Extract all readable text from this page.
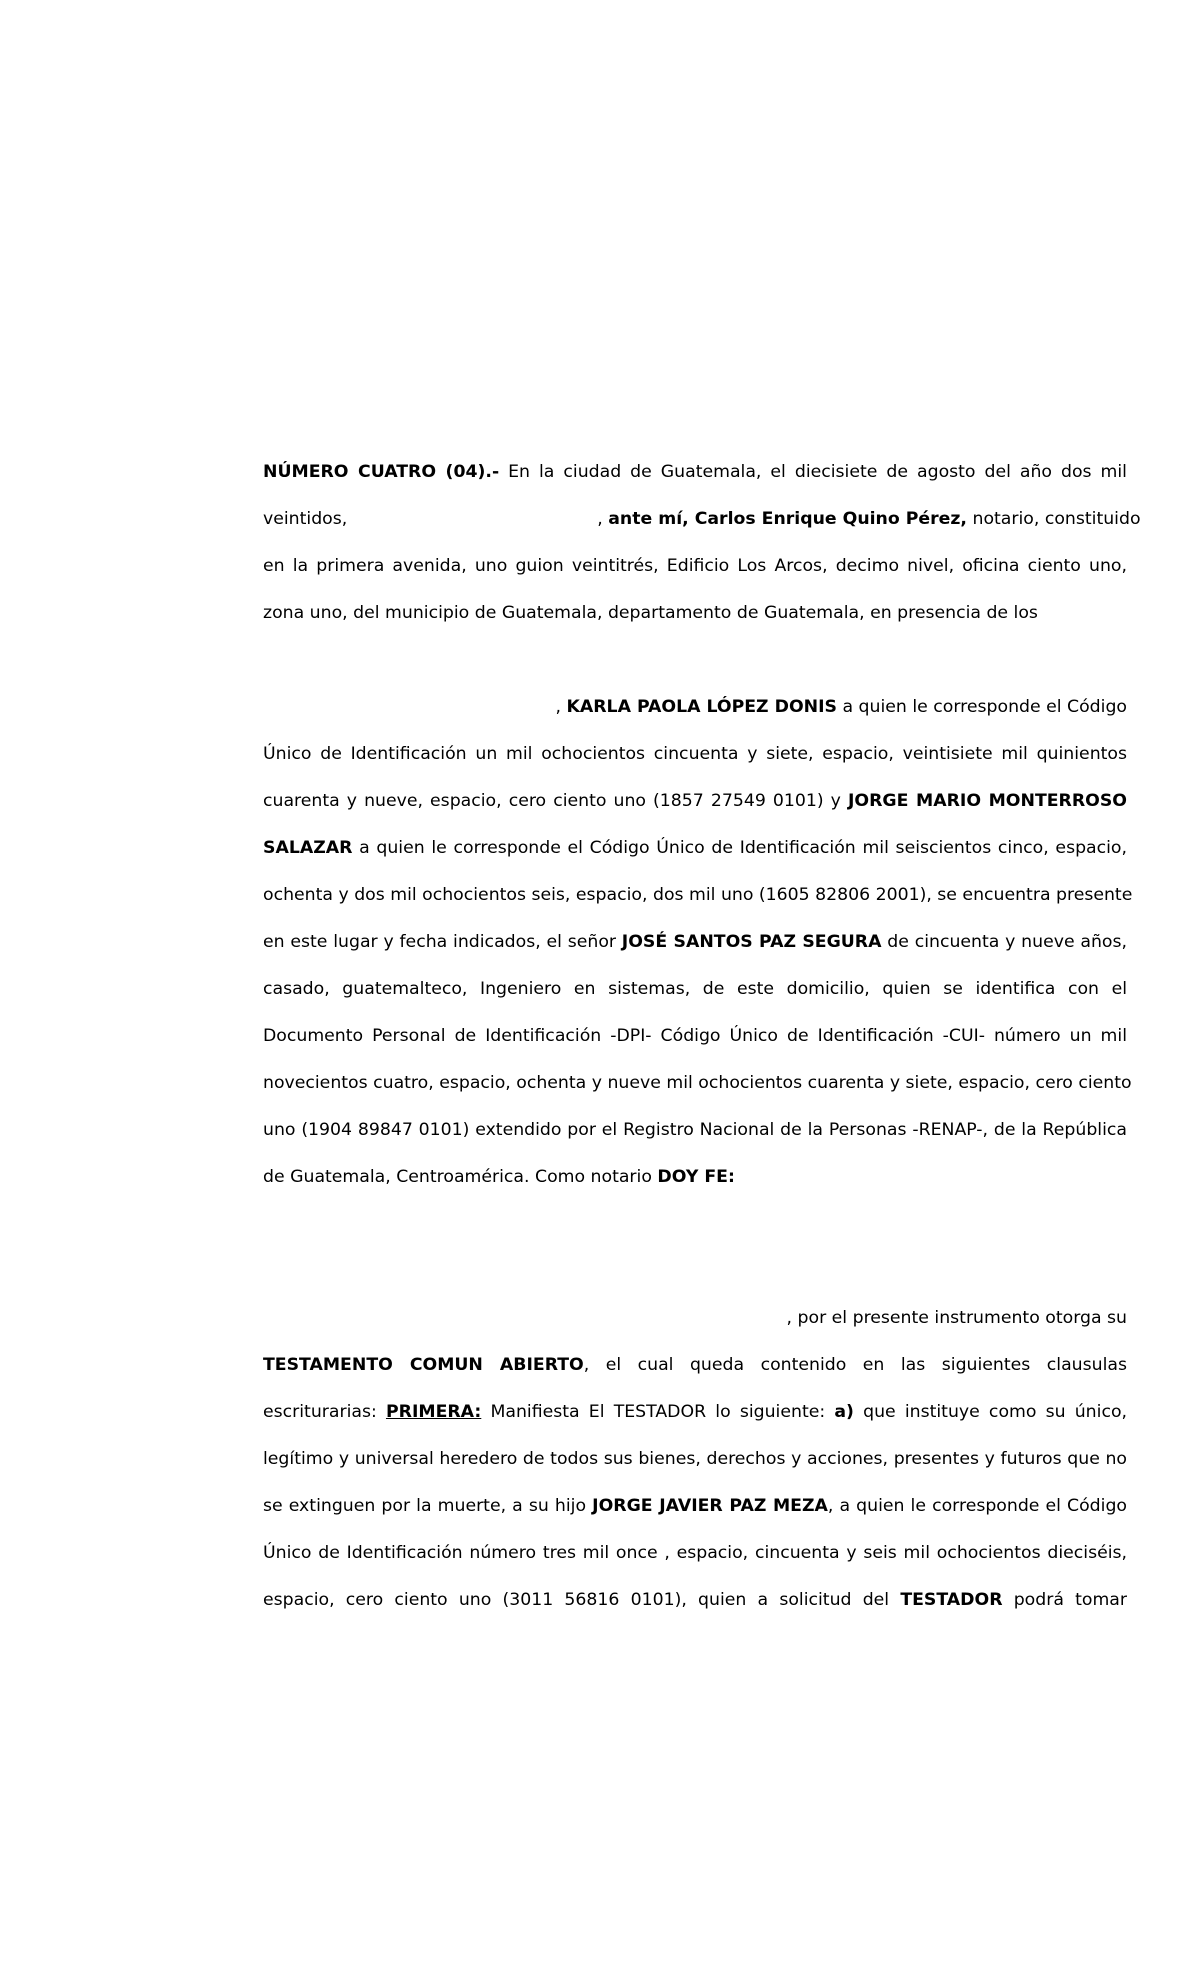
NÚMERO CUATRO (04).- En la ciudad de Guatemala, el diecisiete de agosto del año dos mil
veintidos,	, ante mí, Carlos Enrique Quino Pérez, notario, constituido
en la primera avenida, uno guion veintitrés, Edificio Los Arcos, decimo nivel, oficina ciento uno,
zona uno, del municipio de Guatemala, departamento de Guatemala, en presencia de los
, KARLA PAOLA LÓPEZ DONIS a quien le corresponde el Código
Único de Identificación un mil ochocientos cincuenta y siete, espacio, veintisiete mil quinientos
cuarenta y nueve, espacio, cero ciento uno (1857 27549 0101) y JORGE MARIO MONTERROSO
SALAZAR a quien le corresponde el Código Único de Identificación mil seiscientos cinco, espacio,
ochenta y dos mil ochocientos seis, espacio, dos mil uno (1605 82806 2001), se encuentra presente
en este lugar y fecha indicados, el señor JOSÉ SANTOS PAZ SEGURA de cincuenta y nueve años,
casado, guatemalteco, Ingeniero en sistemas, de este domicilio, quien se identifica con el
Documento Personal de Identificación -DPI- Código Único de Identificación -CUI- número un mil
novecientos cuatro, espacio, ochenta y nueve mil ochocientos cuarenta y siete, espacio, cero ciento
uno (1904 89847 0101) extendido por el Registro Nacional de la Personas -RENAP-, de la República
de Guatemala, Centroamérica. Como notario DOY FE:
, por el presente instrumento otorga su
TESTAMENTO COMUN ABIERTO, el cual queda contenido en las siguientes clausulas
escriturarias: PRIMERA: Manifiesta El TESTADOR lo siguiente: a) que instituye como su único,
legítimo y universal heredero de todos sus bienes, derechos y acciones, presentes y futuros que no
se extinguen por la muerte, a su hijo JORGE JAVIER PAZ MEZA, a quien le corresponde el Código
Único de Identificación número tres mil once , espacio, cincuenta y seis mil ochocientos dieciséis,
espacio, cero ciento uno (3011 56816 0101), quien a solicitud del TESTADOR podrá tomar
